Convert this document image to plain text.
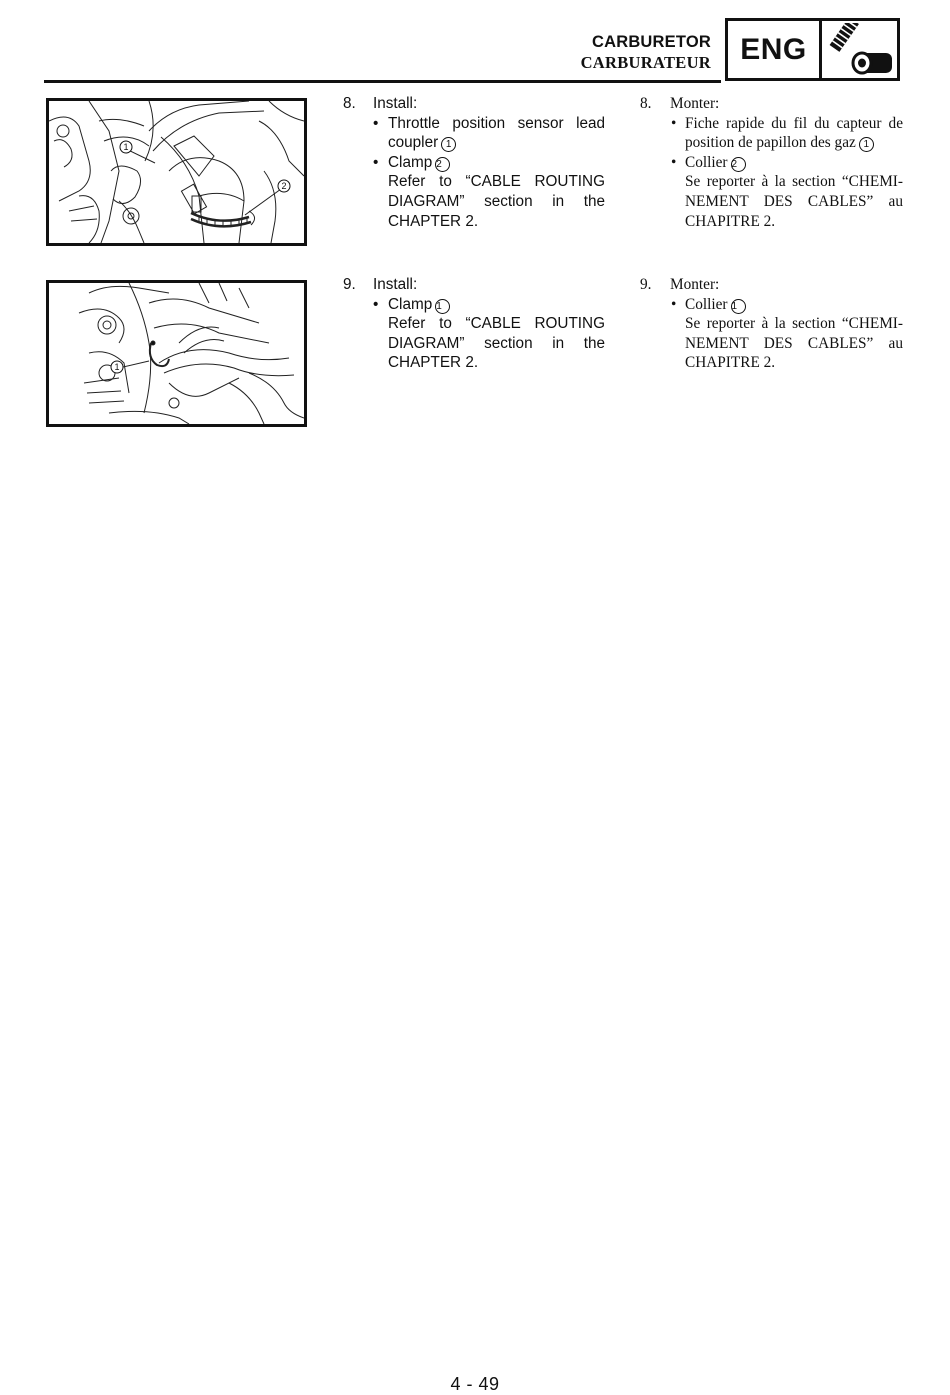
CARBURETOR
CARBURATEUR ENG
1
2
1
8. Install:
• Throttle position sensor lead coupler 1
• Clamp 2
Refer to “CABLE ROUTING DIAGRAM” section in the CHAPTER 2.
8. Monter:
• Fiche rapide du fil du capteur de position de papillon des gaz 1
• Collier 2
Se reporter à la section “CHEMI-NEMENT DES CABLES” au CHAPITRE 2.
9. Install:
• Clamp 1
Refer to “CABLE ROUTING DIAGRAM” section in the CHAPTER 2.
9. Monter:
• Collier 1
Se reporter à la section “CHEMI-NEMENT DES CABLES” au CHAPITRE 2.
4 - 49
